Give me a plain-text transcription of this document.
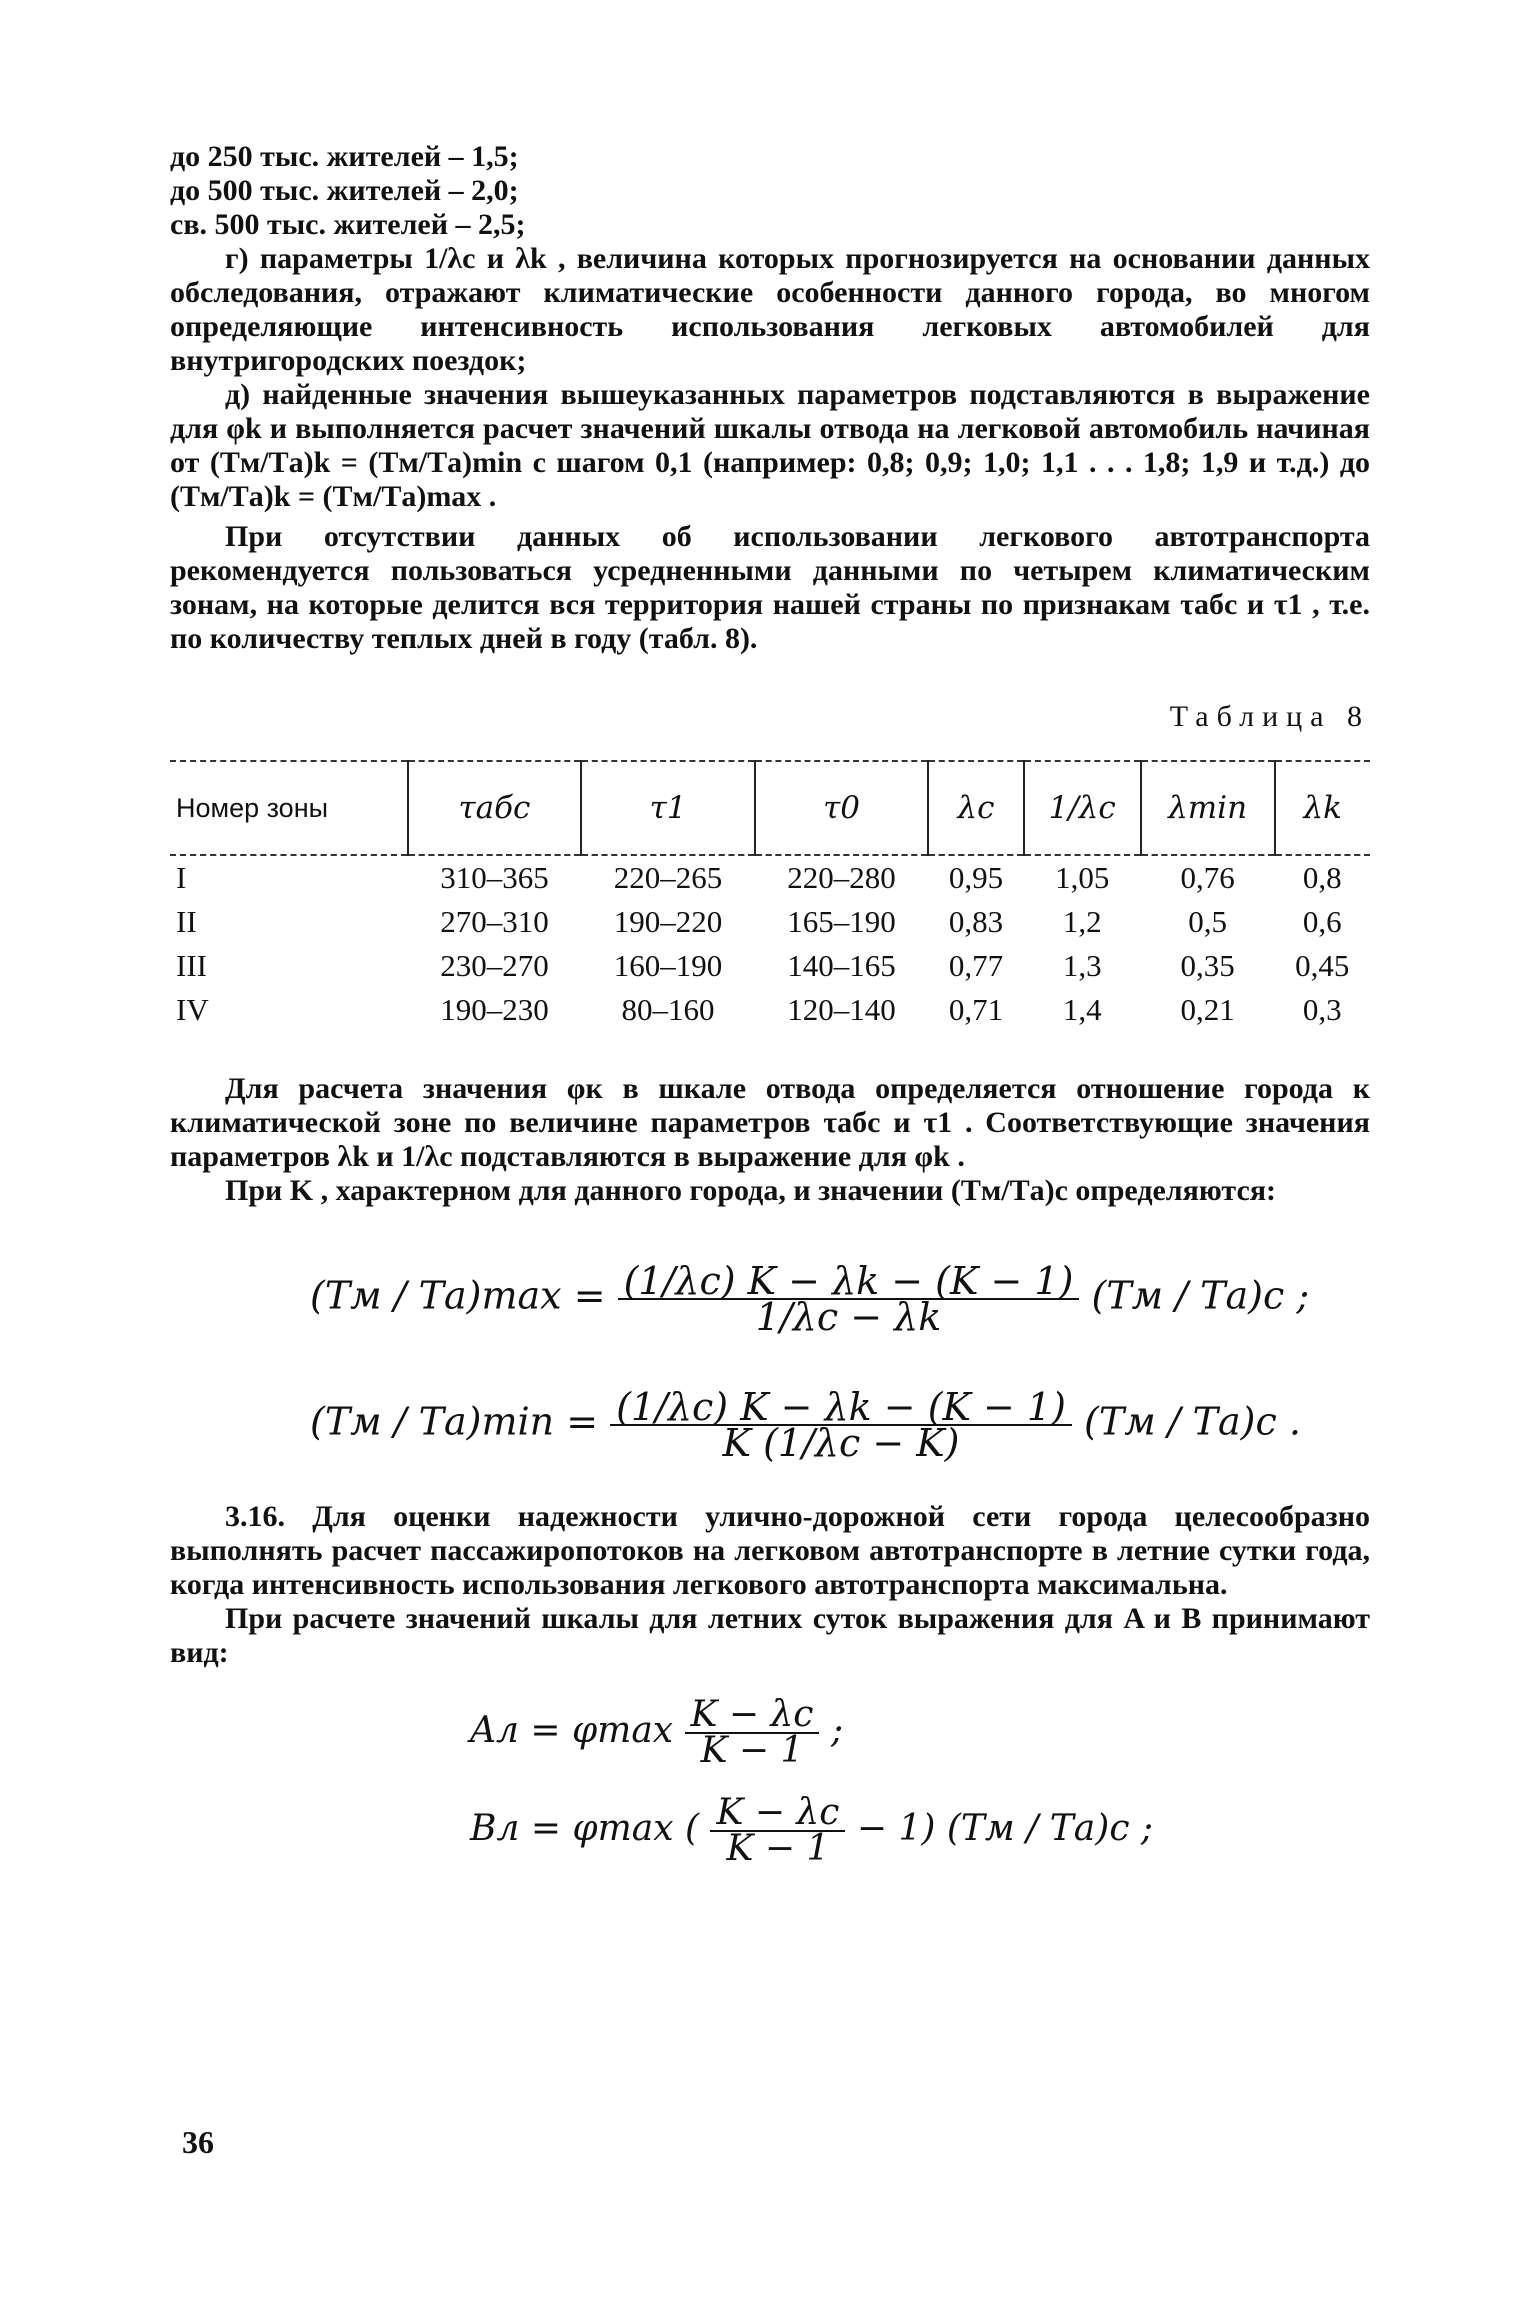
до 250 тыс. жителей – 1,5;

до 500 тыс. жителей – 2,0;

св. 500 тыс. жителей – 2,5;

г) параметры 1/λc и λk , величина которых прогнозируется на основании данных обследования, отражают климатические особенности данного города, во многом определяющие интенсивность использования легковых автомобилей для внутригородских поездок;

д) найденные значения вышеуказанных параметров подставляются в выражение для φk и выполняется расчет значений шкалы отвода на легковой автомобиль начиная от (Tм/Tа)k = (Tм/Tа)min с шагом 0,1 (например: 0,8; 0,9; 1,0; 1,1 . . . 1,8; 1,9 и т.д.) до (Tм/Tа)k = (Tм/Tа)max .

При отсутствии данных об использовании легкового автотранспорта рекомендуется пользоваться усредненными данными по четырем климатическим зонам, на которые делится вся территория нашей страны по признакам τабс и τ1 , т.е. по количеству теплых дней в году (табл. 8).

Таблица 8
Номер зоны	τабс	τ1	τ0	λc	1/λc	λmin	λk
I	310–365	220–265	220–280	0,95	1,05	0,76	0,8
II	270–310	190–220	165–190	0,83	1,2	0,5	0,6
III	230–270	160–190	140–165	0,77	1,3	0,35	0,45
IV	190–230	80–160	120–140	0,71	1,4	0,21	0,3

Для расчета значения φк в шкале отвода определяется отношение города к климатической зоне по величине параметров τабс и τ1 . Соответствующие значения параметров λk и 1/λc подставляются в выражение для φk .

При K , характерном для данного города, и значении (Tм/Tа)c определяются:

$(Tм / Tа)\max = \frac{(1/\lambda c) K - \lambda k - (K - 1)}{1/\lambda c - \lambda k} (Tм / Tа)c$ ;
$(Tм / Tа)\min = \frac{(1/\lambda c) K - \lambda k - (K - 1)}{K (1/\lambda c - K)} (Tм / Tа)c$ .

3.16. Для оценки надежности улично-дорожной сети города целесообразно выполнять расчет пассажиропотоков на легковом автотранспорте в летние сутки года, когда интенсивность использования легкового автотранспорта максимальна.

При расчете значений шкалы для летних суток выражения для A и B принимают вид:

Aл = φmax $\frac{K - \lambda c}{K - 1}$ ;
Bл = φmax ( $\frac{K - \lambda c}{K - 1} - 1$) (Tм / Tа)c ;
36
